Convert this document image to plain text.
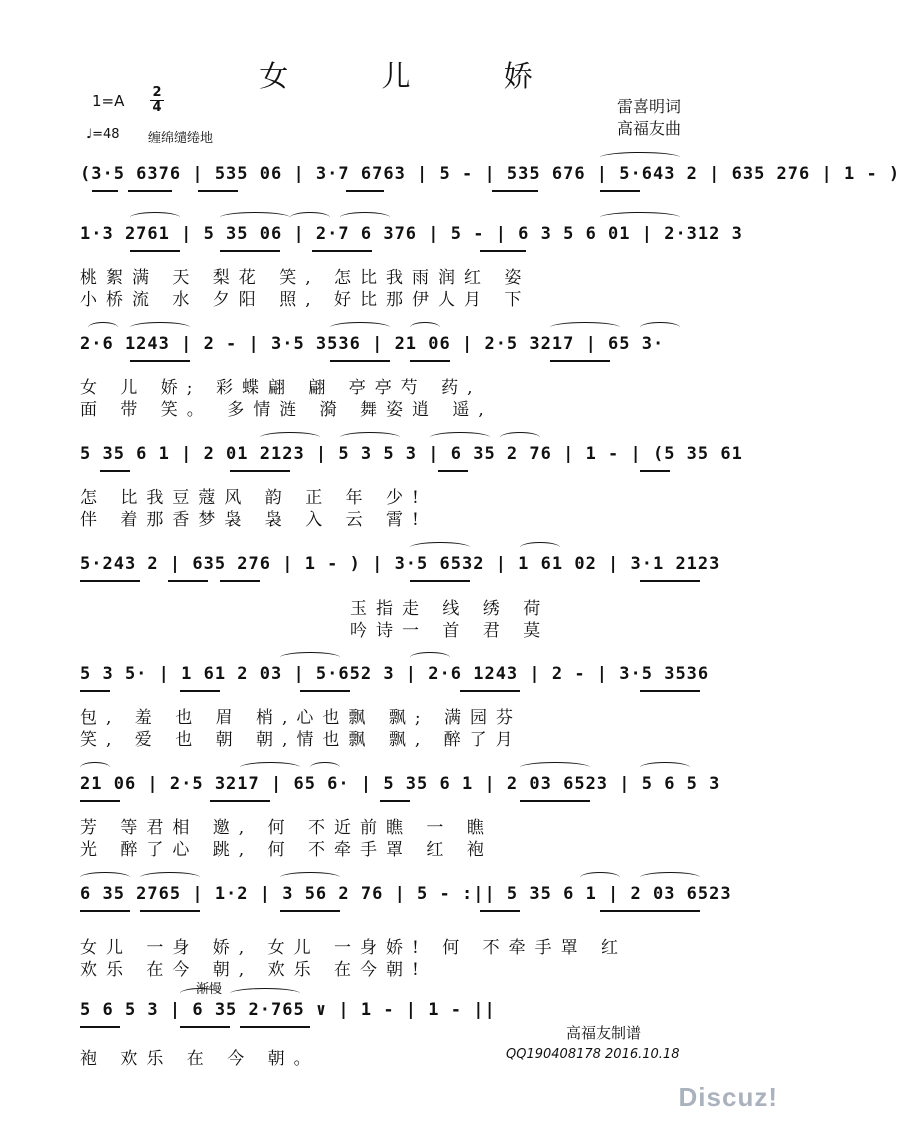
女 儿 娇
1=A 2
4
♩=48 缠绵缱绻地
雷喜明词
高福友曲
(3·5 6376 | 535 06 | 3·7 6763 | 5 - | 535 676 | 5·643 2 | 635 276 | 1 - )
1·3 2761 | 5 35 06 | 2·7 6 376 | 5 - | 6 3 5 6 01 | 2·312 3
桃絮满 天 梨花 笑, 怎比我雨润红 姿
小桥流 水 夕阳 照, 好比那伊人月 下
2·6 1243 | 2 - | 3·5 3536 | 21 06 | 2·5 3217 | 65 3·
女 儿 娇; 彩蝶翩 翩 亭亭芍 药,
面 带 笑。 多情涟 漪 舞姿逍 遥,
5 35 6 1 | 2 01 2123 | 5 3 5 3 | 6 35 2 76 | 1 - | (5 35 61
怎 比我豆蔻风 韵 正 年 少!
伴 着那香梦袅 袅 入 云 霄!
5·243 2 | 635 276 | 1 - ) | 3·5 6532 | 1 61 02 | 3·1 2123
玉指走 线 绣 荷
吟诗一 首 君 莫
5 3 5· | 1 61 2 03 | 5·652 3 | 2·6 1243 | 2 - | 3·5 3536
包, 羞 也 眉 梢,心也飘 飘; 满园芬
笑, 爱 也 朝 朝,情也飘 飘, 醉了月
21 06 | 2·5 3217 | 65 6· | 5 35 6 1 | 2 03 6523 | 5 6 5 3
芳 等君相 邀, 何 不近前瞧 一 瞧
光 醉了心 跳, 何 不牵手罩 红 袍
6 35 2765 | 1·2 | 3 56 2 76 | 5 - :|| 5 35 6 1 | 2 03 6523
女儿 一身 娇, 女儿 一身娇! 何 不牵手罩 红
欢乐 在今 朝, 欢乐 在今朝!
渐慢
5 6 5 3 | 6 35 2·765 ∨ | 1 - | 1 - ||
袍 欢乐 在 今 朝。
高福友制谱
QQ190408178 2016.10.18
Discuz!
